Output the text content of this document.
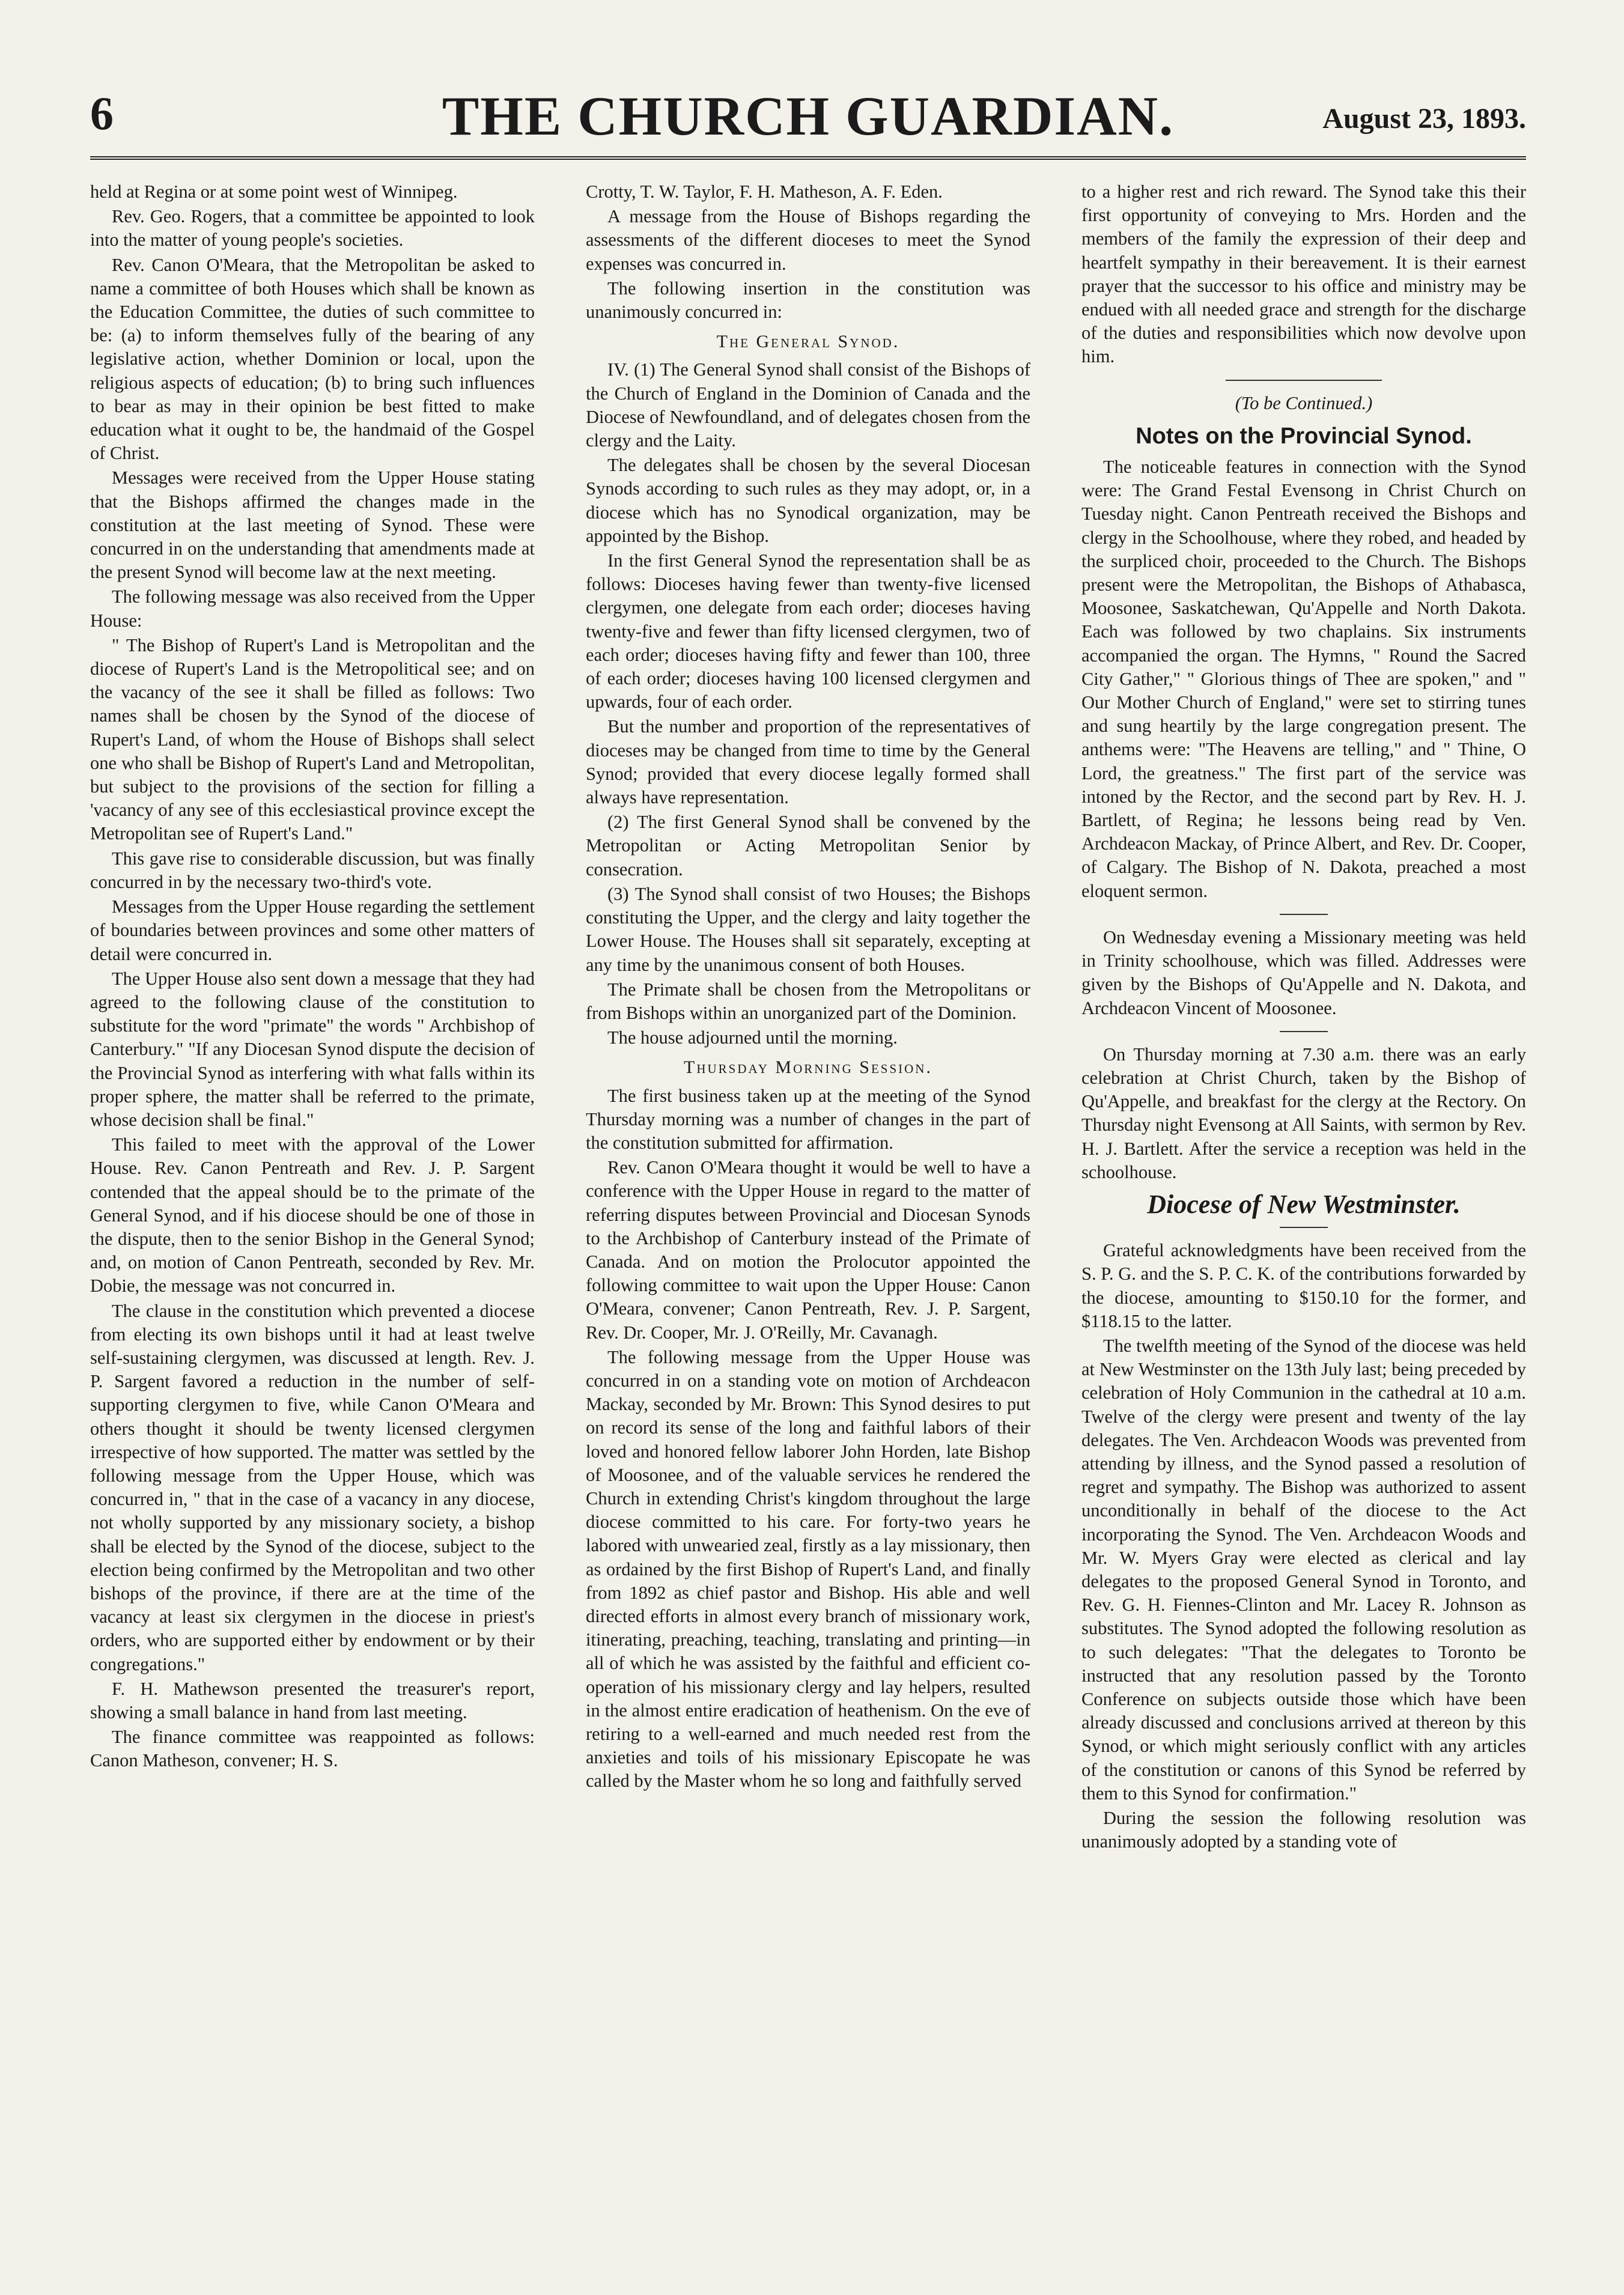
6	THE CHURCH GUARDIAN.	August 23, 1893.

held at Regina or at some point west of Winnipeg.

Rev. Geo. Rogers, that a committee be appointed to look into the matter of young people's societies.

Rev. Canon O'Meara, that the Metropolitan be asked to name a committee of both Houses which shall be known as the Education Committee, the duties of such committee to be: (a) to inform themselves fully of the bearing of any legislative action, whether Dominion or local, upon the religious aspects of education; (b) to bring such influences to bear as may in their opinion be best fitted to make education what it ought to be, the handmaid of the Gospel of Christ.

Messages were received from the Upper House stating that the Bishops affirmed the changes made in the constitution at the last meeting of Synod. These were concurred in on the understanding that amendments made at the present Synod will become law at the next meeting.

The following message was also received from the Upper House:

" The Bishop of Rupert's Land is Metropolitan and the diocese of Rupert's Land is the Metropolitical see; and on the vacancy of the see it shall be filled as follows: Two names shall be chosen by the Synod of the diocese of Rupert's Land, of whom the House of Bishops shall select one who shall be Bishop of Rupert's Land and Metropolitan, but subject to the provisions of the section for filling a 'vacancy of any see of this ecclesiastical province except the Metropolitan see of Rupert's Land."

This gave rise to considerable discussion, but was finally concurred in by the necessary two-third's vote.

Messages from the Upper House regarding the settlement of boundaries between provinces and some other matters of detail were concurred in.

The Upper House also sent down a message that they had agreed to the following clause of the constitution to substitute for the word "primate" the words " Archbishop of Canterbury." "If any Diocesan Synod dispute the decision of the Provincial Synod as interfering with what falls within its proper sphere, the matter shall be referred to the primate, whose decision shall be final."

This failed to meet with the approval of the Lower House. Rev. Canon Pentreath and Rev. J. P. Sargent contended that the appeal should be to the primate of the General Synod, and if his diocese should be one of those in the dispute, then to the senior Bishop in the General Synod; and, on motion of Canon Pentreath, seconded by Rev. Mr. Dobie, the message was not concurred in.

The clause in the constitution which prevented a diocese from electing its own bishops until it had at least twelve self-sustaining clergymen, was discussed at length. Rev. J. P. Sargent favored a reduction in the number of self-supporting clergymen to five, while Canon O'Meara and others thought it should be twenty licensed clergymen irrespective of how supported. The matter was settled by the following message from the Upper House, which was concurred in, " that in the case of a vacancy in any diocese, not wholly supported by any missionary society, a bishop shall be elected by the Synod of the diocese, subject to the election being confirmed by the Metropolitan and two other bishops of the province, if there are at the time of the vacancy at least six clergymen in the diocese in priest's orders, who are supported either by endowment or by their congregations."

F. H. Mathewson presented the treasurer's report, showing a small balance in hand from last meeting.

The finance committee was reappointed as follows: Canon Matheson, convener; H. S.

Crotty, T. W. Taylor, F. H. Matheson, A. F. Eden.

A message from the House of Bishops regarding the assessments of the different dioceses to meet the Synod expenses was concurred in.

The following insertion in the constitution was unanimously concurred in:

The General Synod.

IV. (1) The General Synod shall consist of the Bishops of the Church of England in the Dominion of Canada and the Diocese of Newfoundland, and of delegates chosen from the clergy and the Laity.

The delegates shall be chosen by the several Diocesan Synods according to such rules as they may adopt, or, in a diocese which has no Synodical organization, may be appointed by the Bishop.

In the first General Synod the representation shall be as follows: Dioceses having fewer than twenty-five licensed clergymen, one delegate from each order; dioceses having twenty-five and fewer than fifty licensed clergymen, two of each order; dioceses having fifty and fewer than 100, three of each order; dioceses having 100 licensed clergymen and upwards, four of each order.

But the number and proportion of the representatives of dioceses may be changed from time to time by the General Synod; provided that every diocese legally formed shall always have representation.

(2) The first General Synod shall be convened by the Metropolitan or Acting Metropolitan Senior by consecration.

(3) The Synod shall consist of two Houses; the Bishops constituting the Upper, and the clergy and laity together the Lower House. The Houses shall sit separately, excepting at any time by the unanimous consent of both Houses.

The Primate shall be chosen from the Metropolitans or from Bishops within an unorganized part of the Dominion.

The house adjourned until the morning.

Thursday Morning Session.

The first business taken up at the meeting of the Synod Thursday morning was a number of changes in the part of the constitution submitted for affirmation.

Rev. Canon O'Meara thought it would be well to have a conference with the Upper House in regard to the matter of referring disputes between Provincial and Diocesan Synods to the Archbishop of Canterbury instead of the Primate of Canada. And on motion the Prolocutor appointed the following committee to wait upon the Upper House: Canon O'Meara, convener; Canon Pentreath, Rev. J. P. Sargent, Rev. Dr. Cooper, Mr. J. O'Reilly, Mr. Cavanagh.

The following message from the Upper House was concurred in on a standing vote on motion of Archdeacon Mackay, seconded by Mr. Brown: This Synod desires to put on record its sense of the long and faithful labors of their loved and honored fellow laborer John Horden, late Bishop of Moosonee, and of the valuable services he rendered the Church in extending Christ's kingdom throughout the large diocese committed to his care. For forty-two years he labored with unwearied zeal, firstly as a lay missionary, then as ordained by the first Bishop of Rupert's Land, and finally from 1892 as chief pastor and Bishop. His able and well directed efforts in almost every branch of missionary work, itinerating, preaching, teaching, translating and printing—in all of which he was assisted by the faithful and efficient co-operation of his missionary clergy and lay helpers, resulted in the almost entire eradication of heathenism. On the eve of retiring to a well-earned and much needed rest from the anxieties and toils of his missionary Episcopate he was called by the Master whom he so long and faithfully served

to a higher rest and rich reward. The Synod take this their first opportunity of conveying to Mrs. Horden and the members of the family the expression of their deep and heartfelt sympathy in their bereavement. It is their earnest prayer that the successor to his office and ministry may be endued with all needed grace and strength for the discharge of the duties and responsibilities which now devolve upon him.

(To be Continued.)

Notes on the Provincial Synod.

The noticeable features in connection with the Synod were: The Grand Festal Evensong in Christ Church on Tuesday night. Canon Pentreath received the Bishops and clergy in the Schoolhouse, where they robed, and headed by the surpliced choir, proceeded to the Church. The Bishops present were the Metropolitan, the Bishops of Athabasca, Moosonee, Saskatchewan, Qu'Appelle and North Dakota. Each was followed by two chaplains. Six instruments accompanied the organ. The Hymns, " Round the Sacred City Gather," " Glorious things of Thee are spoken," and " Our Mother Church of England," were set to stirring tunes and sung heartily by the large congregation present. The anthems were: "The Heavens are telling," and " Thine, O Lord, the greatness." The first part of the service was intoned by the Rector, and the second part by Rev. H. J. Bartlett, of Regina; he lessons being read by Ven. Archdeacon Mackay, of Prince Albert, and Rev. Dr. Cooper, of Calgary. The Bishop of N. Dakota, preached a most eloquent sermon.

On Wednesday evening a Missionary meeting was held in Trinity schoolhouse, which was filled. Addresses were given by the Bishops of Qu'Appelle and N. Dakota, and Archdeacon Vincent of Moosonee.

On Thursday morning at 7.30 a.m. there was an early celebration at Christ Church, taken by the Bishop of Qu'Appelle, and breakfast for the clergy at the Rectory. On Thursday night Evensong at All Saints, with sermon by Rev. H. J. Bartlett. After the service a reception was held in the schoolhouse.

Diocese of New Westminster.

Grateful acknowledgments have been received from the S. P. G. and the S. P. C. K. of the contributions forwarded by the diocese, amounting to $150.10 for the former, and $118.15 to the latter.

The twelfth meeting of the Synod of the diocese was held at New Westminster on the 13th July last; being preceded by celebration of Holy Communion in the cathedral at 10 a.m. Twelve of the clergy were present and twenty of the lay delegates. The Ven. Archdeacon Woods was prevented from attending by illness, and the Synod passed a resolution of regret and sympathy. The Bishop was authorized to assent unconditionally in behalf of the diocese to the Act incorporating the Synod. The Ven. Archdeacon Woods and Mr. W. Myers Gray were elected as clerical and lay delegates to the proposed General Synod in Toronto, and Rev. G. H. Fiennes-Clinton and Mr. Lacey R. Johnson as substitutes. The Synod adopted the following resolution as to such delegates: "That the delegates to Toronto be instructed that any resolution passed by the Toronto Conference on subjects outside those which have been already discussed and conclusions arrived at thereon by this Synod, or which might seriously conflict with any articles of the constitution or canons of this Synod be referred by them to this Synod for confirmation."

During the session the following resolution was unanimously adopted by a standing vote of
